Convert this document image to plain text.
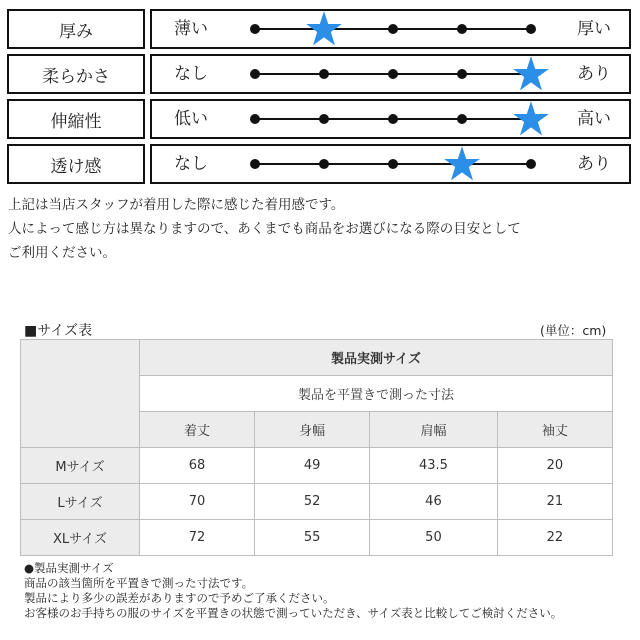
厚み	薄い	厚い
柔らかさ	なし	あり
伸縮性	低い	高い
透け感	なし	あり
上記は当店スタッフが着用した際に感じた着用感です。
人によって感じ方は異なりますので、あくまでも商品をお選びになる際の目安として
ご利用ください。
■サイズ表	(単位：cm)
	製品実測サイズ			
	製品を平置きで測った寸法			
	着丈	身幅	肩幅	袖丈
Mサイズ	68	49	43.5	20
Lサイズ	70	52	46	21
XLサイズ	72	55	50	22
●製品実測サイズ
商品の該当箇所を平置きで測った寸法です。
製品により多少の誤差がありますので予めご了承ください。
お客様のお手持ちの服のサイズを平置きの状態で測っていただき、サイズ表と比較してご検討ください。
